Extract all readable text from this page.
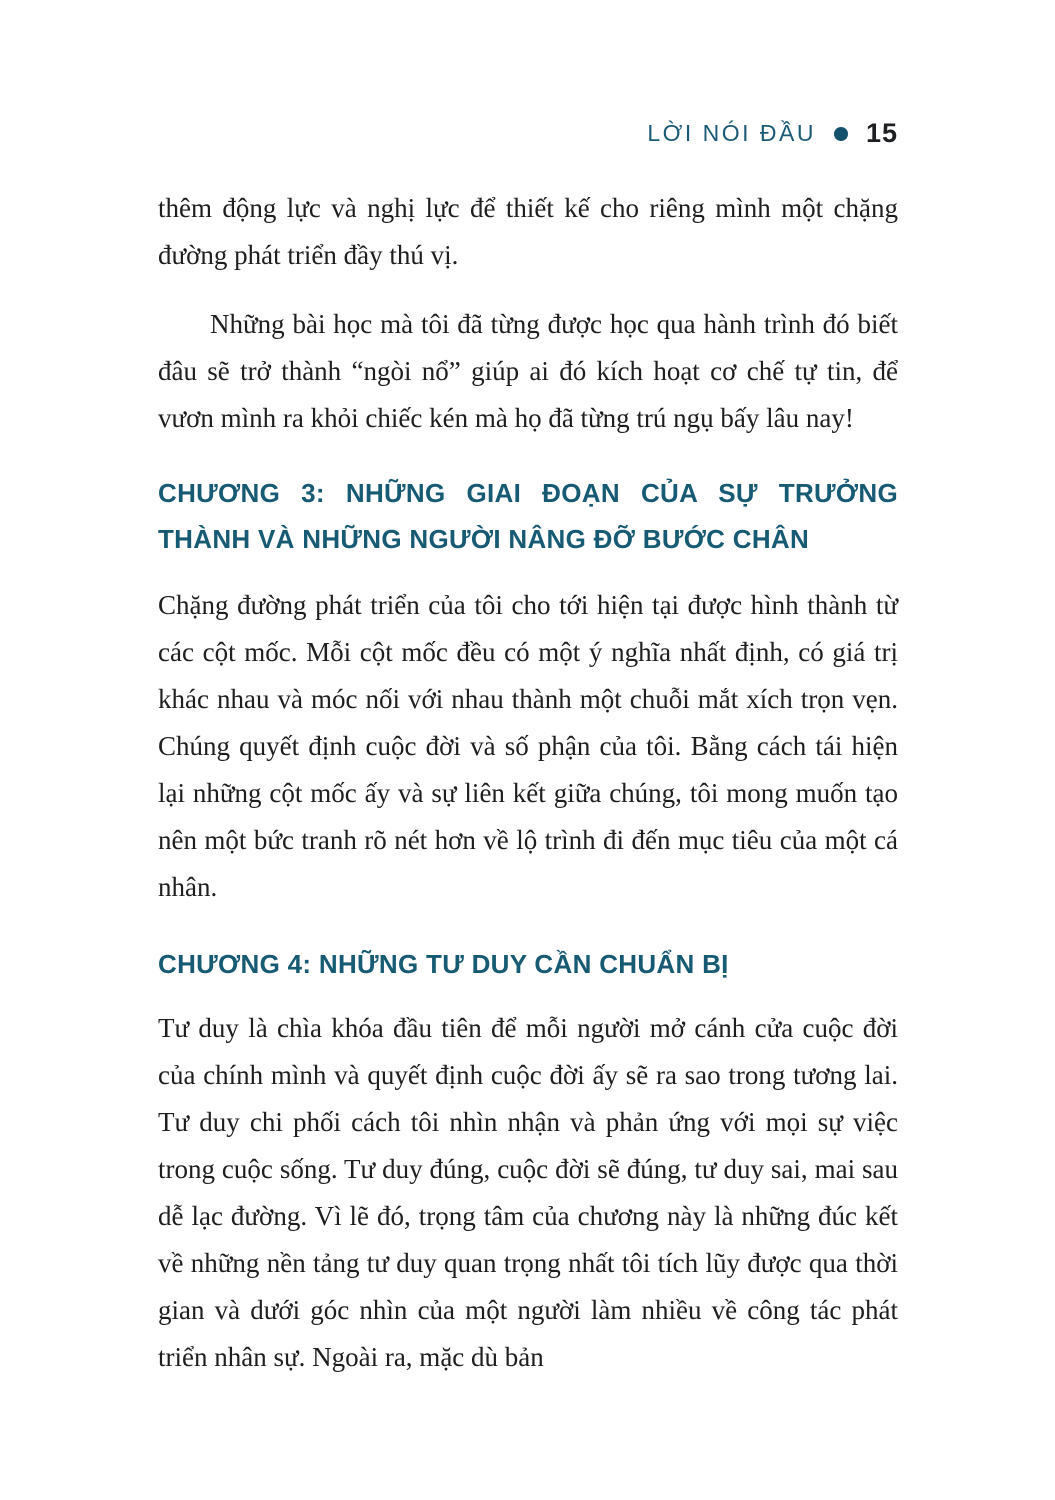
LỜI NÓI ĐẦU 15

thêm động lực và nghị lực để thiết kế cho riêng mình một chặng đường phát triển đầy thú vị.

Những bài học mà tôi đã từng được học qua hành trình đó biết đâu sẽ trở thành “ngòi nổ” giúp ai đó kích hoạt cơ chế tự tin, để vươn mình ra khỏi chiếc kén mà họ đã từng trú ngụ bấy lâu nay!

CHƯƠNG 3: NHỮNG GIAI ĐOẠN CỦA SỰ TRƯỞNG THÀNH VÀ NHỮNG NGƯỜI NÂNG ĐỠ BƯỚC CHÂN

Chặng đường phát triển của tôi cho tới hiện tại được hình thành từ các cột mốc. Mỗi cột mốc đều có một ý nghĩa nhất định, có giá trị khác nhau và móc nối với nhau thành một chuỗi mắt xích trọn vẹn. Chúng quyết định cuộc đời và số phận của tôi. Bằng cách tái hiện lại những cột mốc ấy và sự liên kết giữa chúng, tôi mong muốn tạo nên một bức tranh rõ nét hơn về lộ trình đi đến mục tiêu của một cá nhân.

CHƯƠNG 4: NHỮNG TƯ DUY CẦN CHUẨN BỊ

Tư duy là chìa khóa đầu tiên để mỗi người mở cánh cửa cuộc đời của chính mình và quyết định cuộc đời ấy sẽ ra sao trong tương lai. Tư duy chi phối cách tôi nhìn nhận và phản ứng với mọi sự việc trong cuộc sống. Tư duy đúng, cuộc đời sẽ đúng, tư duy sai, mai sau dễ lạc đường. Vì lẽ đó, trọng tâm của chương này là những đúc kết về những nền tảng tư duy quan trọng nhất tôi tích lũy được qua thời gian và dưới góc nhìn của một người làm nhiều về công tác phát triển nhân sự. Ngoài ra, mặc dù bản
